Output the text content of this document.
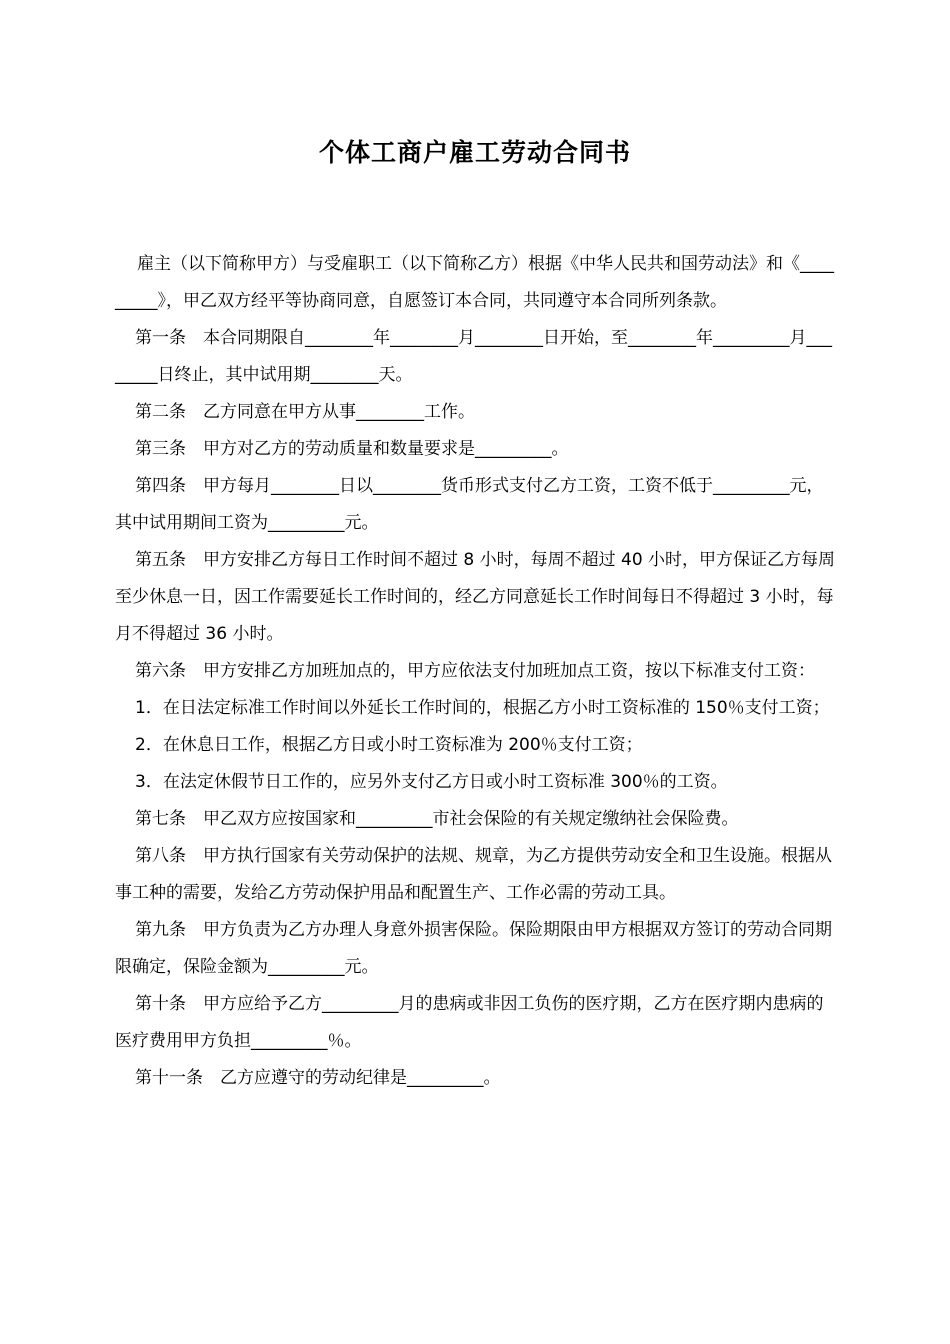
个体工商户雇工劳动合同书

雇主（以下简称甲方）与受雇职工（以下简称乙方）根据《中华人民共和国劳动法》和《_________》，甲乙双方经平等协商同意，自愿签订本合同，共同遵守本合同所列条款。

第一条　本合同期限自________年________月________日开始，至________年_________月________日终止，其中试用期________天。

第二条　乙方同意在甲方从事________工作。

第三条　甲方对乙方的劳动质量和数量要求是_________。

第四条　甲方每月________日以________货币形式支付乙方工资，工资不低于_________元，其中试用期间工资为_________元。

第五条　甲方安排乙方每日工作时间不超过 8 小时，每周不超过 40 小时，甲方保证乙方每周至少休息一日，因工作需要延长工作时间的，经乙方同意延长工作时间每日不得超过 3 小时，每月不得超过 36 小时。

第六条　甲方安排乙方加班加点的，甲方应依法支付加班加点工资，按以下标准支付工资：

1．在日法定标准工作时间以外延长工作时间的，根据乙方小时工资标准的 150％支付工资；

2．在休息日工作，根据乙方日或小时工资标准为 200％支付工资；

3．在法定休假节日工作的，应另外支付乙方日或小时工资标准 300％的工资。

第七条　甲乙双方应按国家和_________市社会保险的有关规定缴纳社会保险费。

第八条　甲方执行国家有关劳动保护的法规、规章，为乙方提供劳动安全和卫生设施。根据从事工种的需要，发给乙方劳动保护用品和配置生产、工作必需的劳动工具。

第九条　甲方负责为乙方办理人身意外损害保险。保险期限由甲方根据双方签订的劳动合同期限确定，保险金额为_________元。

第十条　甲方应给予乙方_________月的患病或非因工负伤的医疗期，乙方在医疗期内患病的医疗费用甲方负担_________％。

第十一条　乙方应遵守的劳动纪律是_________。
